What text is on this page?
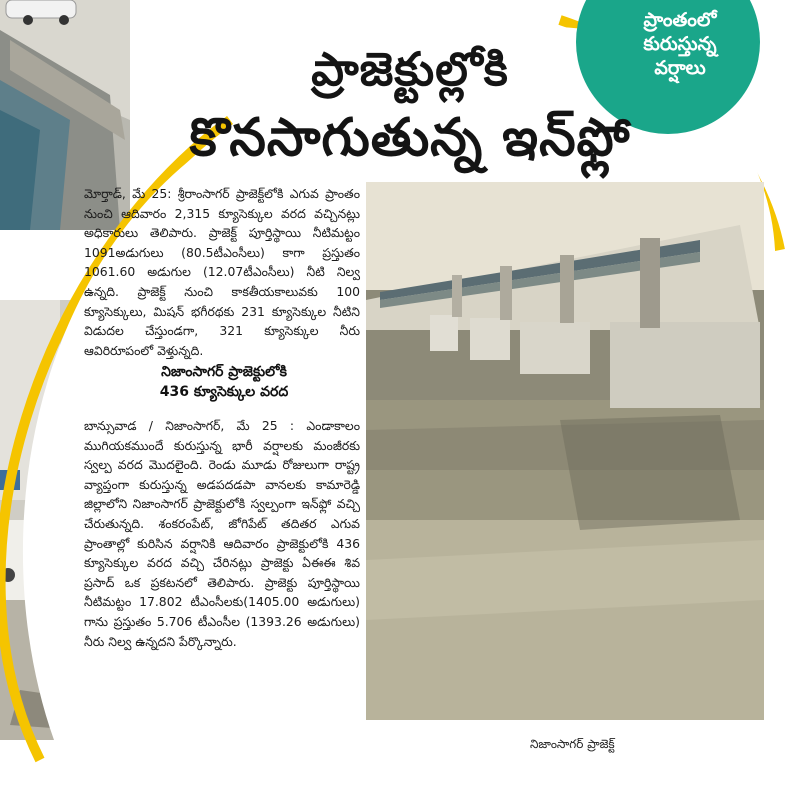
ప్రాంతంలో
కురుస్తున్న
వర్షాలు
ప్రాజెక్టుల్లోకి
కొనసాగుతున్న ఇన్‌ఫ్లో

మోర్తాడ్, మే 25: శ్రీరాంసాగర్ ప్రాజెక్ట్‌లోకి ఎగువ ప్రాంతం నుంచి ఆదివారం 2,315 క్యూసెక్కుల వరద వచ్చినట్లు అధికారులు తెలిపారు. ప్రాజెక్ట్ పూర్తిస్థాయి నీటిమట్టం 1091అడుగులు (80.5టీఎంసీలు) కాగా ప్రస్తుతం 1061.60 అడుగుల (12.07టీఎంసీలు) నీటి నిల్వ ఉన్నది. ప్రాజెక్ట్ నుంచి కాకతీయకాలువకు 100 క్యూసెక్కులు, మిషన్ భగీరథకు 231 క్యూసెక్కుల నీటిని విడుదల చేస్తుండగా, 321 క్యూసెక్కుల నీరు ఆవిరిరూపంలో వెళ్తున్నది.

నిజాంసాగర్ ప్రాజెక్టులోకి

436 క్యూసెక్కుల వరద

బాన్సువాడ / నిజాంసాగర్, మే 25 : ఎండాకాలం ముగియకముందే కురుస్తున్న భారీ వర్షాలకు మంజీరకు స్వల్ప వరద మొదలైంది. రెండు మూడు రోజులుగా రాష్ట్ర వ్యాప్తంగా కురుస్తున్న అడపదడపా వానలకు కామారెడ్డి జిల్లాలోని నిజాంసాగర్ ప్రాజెక్టులోకి స్వల్పంగా ఇన్‌ఫ్లో వచ్చి చేరుతున్నది. శంకరంపేట్, జోగిపేట్ తదితర ఎగువ ప్రాంతాల్లో కురిసిన వర్షానికి ఆదివారం ప్రాజెక్టులోకి 436 క్యూసెక్కుల వరద వచ్చి చేరినట్లు ప్రాజెక్టు ఏఈఈ శివ ప్రసాద్ ఒక ప్రకటనలో తెలిపారు. ప్రాజెక్టు పూర్తిస్థాయి నీటిమట్టం 17.802 టీఎంసీలకు(1405.00 అడుగులు) గాను ప్రస్తుతం 5.706 టీఎంసీల (1393.26 అడుగులు) నీరు నిల్వ ఉన్నదని పేర్కొన్నారు.

నిజాంసాగర్ ప్రాజెక్ట్
